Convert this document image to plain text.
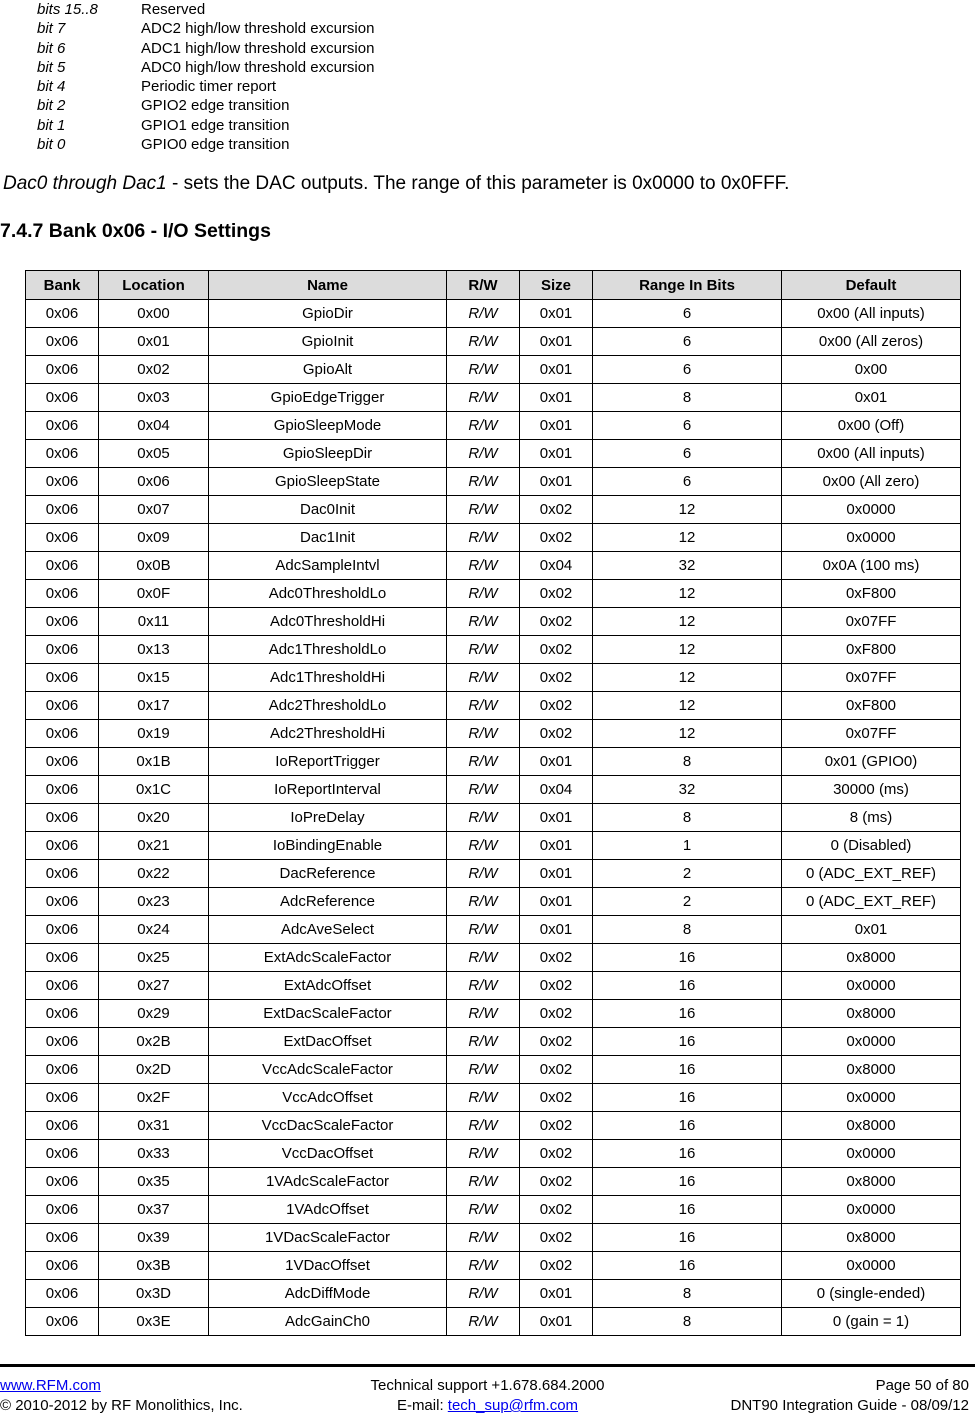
bits 15..8	Reserved
bit 7	ADC2 high/low threshold excursion
bit 6	ADC1 high/low threshold excursion
bit 5	ADC0 high/low threshold excursion
bit 4	Periodic timer report
bit 2	GPIO2 edge transition
bit 1	GPIO1 edge transition
bit 0	GPIO0 edge transition
Dac0 through Dac1 - sets the DAC outputs. The range of this parameter is 0x0000 to 0x0FFF.
7.4.7 Bank 0x06 - I/O Settings
Bank	Location	Name	R/W	Size	Range In Bits	Default
0x06	0x00	GpioDir	R/W	0x01	6	0x00 (All inputs)
0x06	0x01	GpioInit	R/W	0x01	6	0x00 (All zeros)
0x06	0x02	GpioAlt	R/W	0x01	6	0x00
0x06	0x03	GpioEdgeTrigger	R/W	0x01	8	0x01
0x06	0x04	GpioSleepMode	R/W	0x01	6	0x00 (Off)
0x06	0x05	GpioSleepDir	R/W	0x01	6	0x00 (All inputs)
0x06	0x06	GpioSleepState	R/W	0x01	6	0x00 (All zero)
0x06	0x07	Dac0Init	R/W	0x02	12	0x0000
0x06	0x09	Dac1Init	R/W	0x02	12	0x0000
0x06	0x0B	AdcSampleIntvl	R/W	0x04	32	0x0A (100 ms)
0x06	0x0F	Adc0ThresholdLo	R/W	0x02	12	0xF800
0x06	0x11	Adc0ThresholdHi	R/W	0x02	12	0x07FF
0x06	0x13	Adc1ThresholdLo	R/W	0x02	12	0xF800
0x06	0x15	Adc1ThresholdHi	R/W	0x02	12	0x07FF
0x06	0x17	Adc2ThresholdLo	R/W	0x02	12	0xF800
0x06	0x19	Adc2ThresholdHi	R/W	0x02	12	0x07FF
0x06	0x1B	IoReportTrigger	R/W	0x01	8	0x01 (GPIO0)
0x06	0x1C	IoReportInterval	R/W	0x04	32	30000 (ms)
0x06	0x20	IoPreDelay	R/W	0x01	8	8 (ms)
0x06	0x21	IoBindingEnable	R/W	0x01	1	0 (Disabled)
0x06	0x22	DacReference	R/W	0x01	2	0 (ADC_EXT_REF)
0x06	0x23	AdcReference	R/W	0x01	2	0 (ADC_EXT_REF)
0x06	0x24	AdcAveSelect	R/W	0x01	8	0x01
0x06	0x25	ExtAdcScaleFactor	R/W	0x02	16	0x8000
0x06	0x27	ExtAdcOffset	R/W	0x02	16	0x0000
0x06	0x29	ExtDacScaleFactor	R/W	0x02	16	0x8000
0x06	0x2B	ExtDacOffset	R/W	0x02	16	0x0000
0x06	0x2D	VccAdcScaleFactor	R/W	0x02	16	0x8000
0x06	0x2F	VccAdcOffset	R/W	0x02	16	0x0000
0x06	0x31	VccDacScaleFactor	R/W	0x02	16	0x8000
0x06	0x33	VccDacOffset	R/W	0x02	16	0x0000
0x06	0x35	1VAdcScaleFactor	R/W	0x02	16	0x8000
0x06	0x37	1VAdcOffset	R/W	0x02	16	0x0000
0x06	0x39	1VDacScaleFactor	R/W	0x02	16	0x8000
0x06	0x3B	1VDacOffset	R/W	0x02	16	0x0000
0x06	0x3D	AdcDiffMode	R/W	0x01	8	0 (single-ended)
0x06	0x3E	AdcGainCh0	R/W	0x01	8	0 (gain = 1)
www.RFM.com	Technical support +1.678.684.2000	Page 50 of 80
© 2010-2012 by RF Monolithics, Inc.	E-mail: tech_sup@rfm.com	DNT90 Integration Guide - 08/09/12
